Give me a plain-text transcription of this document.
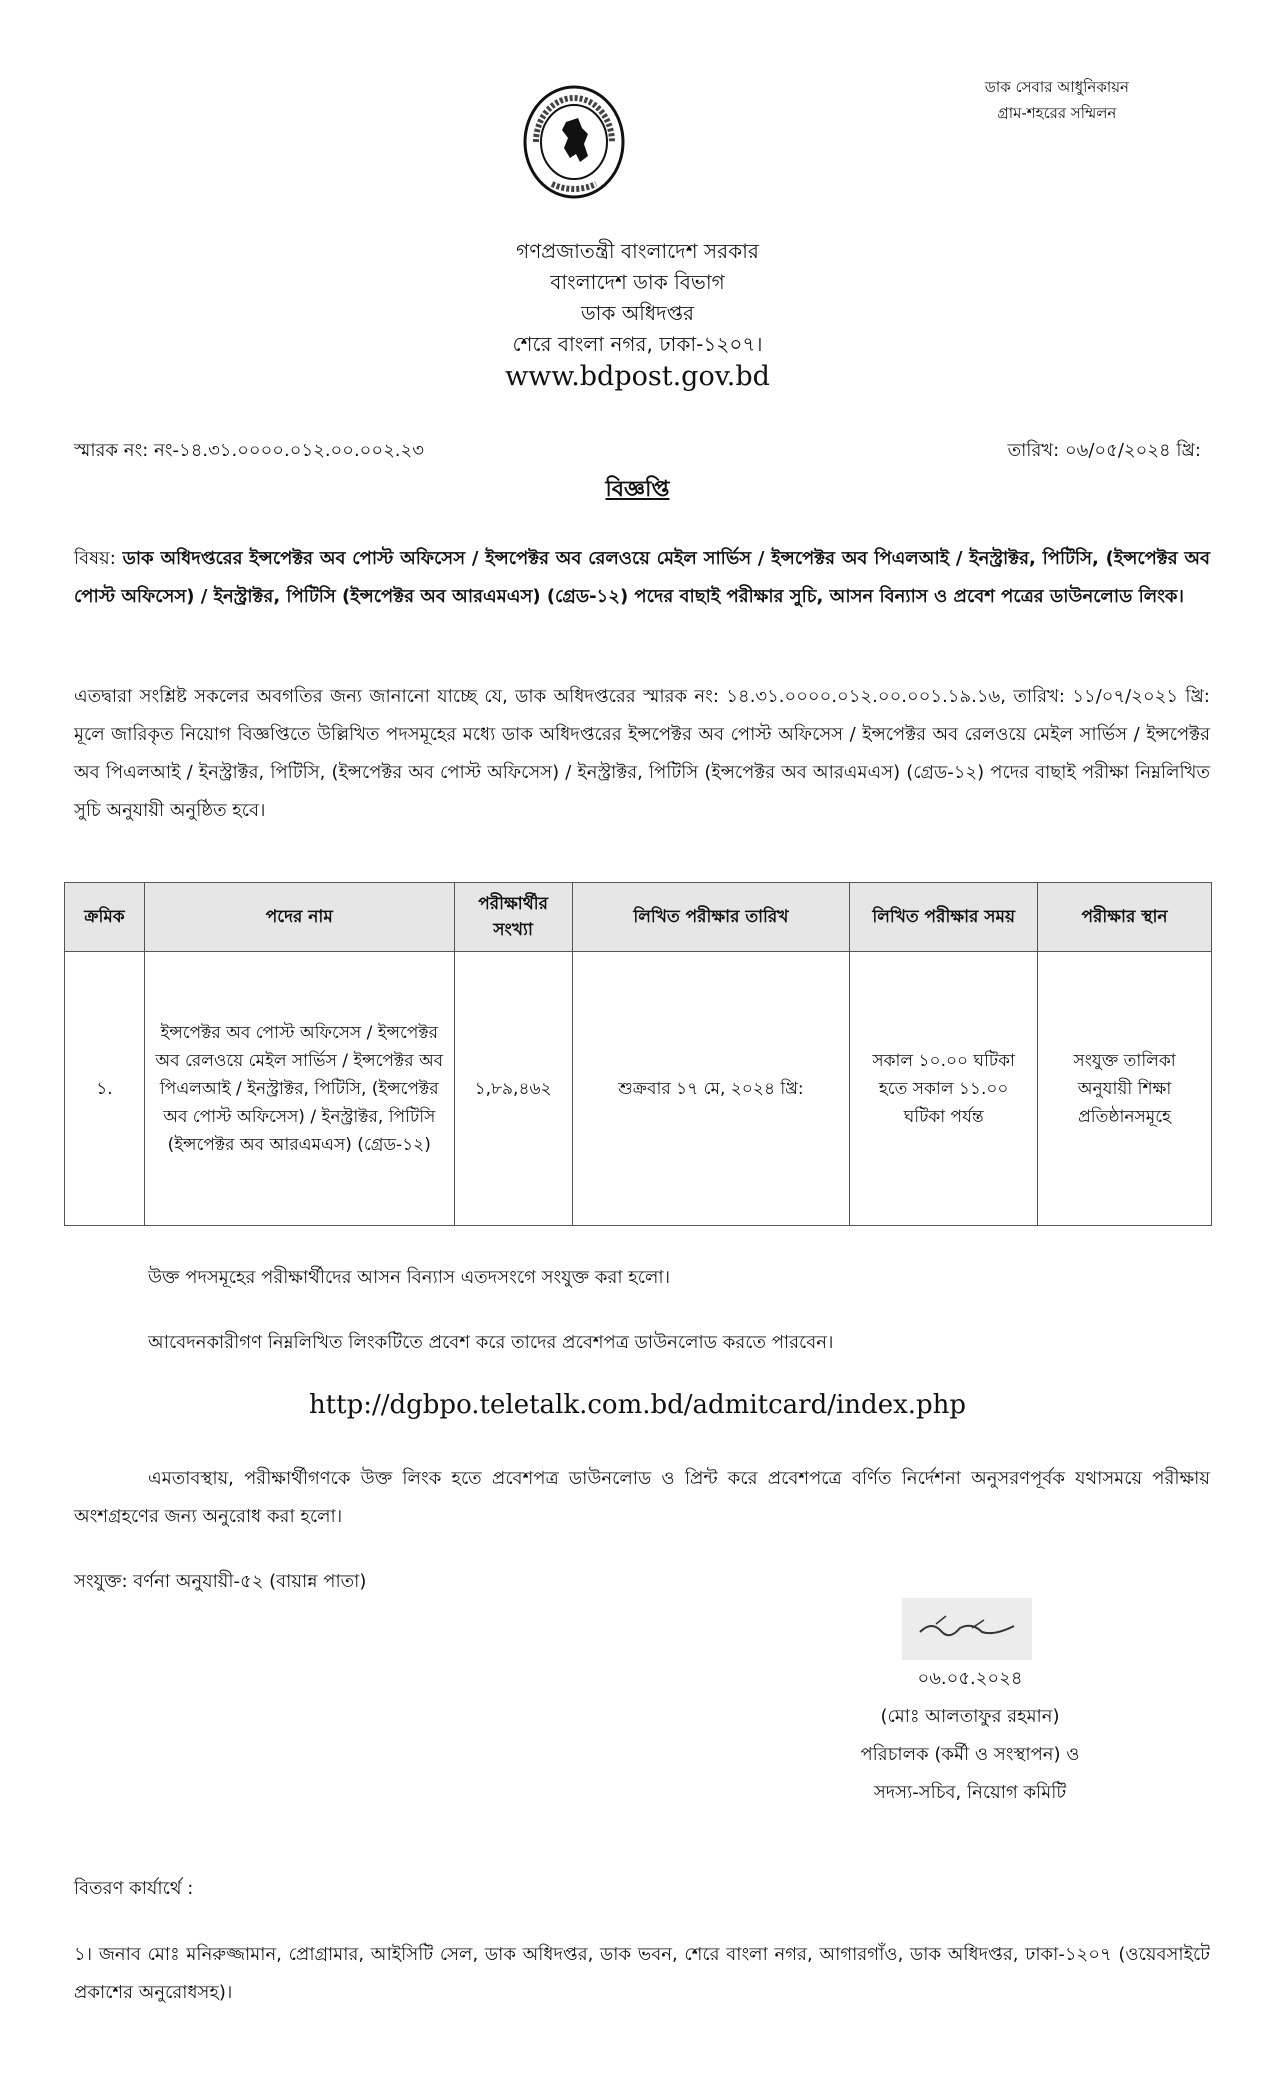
ডাক সেবার আধুনিকায়ন
গ্রাম-শহরের সম্মিলন
গণপ্রজাতন্ত্রী বাংলাদেশ সরকার
বাংলাদেশ ডাক বিভাগ
ডাক অধিদপ্তর
শেরে বাংলা নগর, ঢাকা-১২০৭।
www.bdpost.gov.bd
স্মারক নং: নং-১৪.৩১.০০০০.০১২.০০.০০২.২৩	তারিখ: ০৬/০৫/২০২৪ খ্রি:
বিজ্ঞপ্তি
বিষয়: ডাক অধিদপ্তরের ইন্সপেক্টর অব পোস্ট অফিসেস / ইন্সপেক্টর অব রেলওয়ে মেইল সার্ভিস / ইন্সপেক্টর অব পিএলআই / ইনস্ট্রাক্টর, পিটিসি, (ইন্সপেক্টর অব পোস্ট অফিসেস) / ইনস্ট্রাক্টর, পিটিসি (ইন্সপেক্টর অব আরএমএস) (গ্রেড-১২) পদের বাছাই পরীক্ষার সুচি, আসন বিন্যাস ও প্রবেশ পত্রের ডাউনলোড লিংক।
এতদ্বারা সংশ্লিষ্ট সকলের অবগতির জন্য জানানো যাচ্ছে যে, ডাক অধিদপ্তরের স্মারক নং: ১৪.৩১.০০০০.০১২.০০.০০১.১৯.১৬, তারিখ: ১১/০৭/২০২১ খ্রি: মূলে জারিকৃত নিয়োগ বিজ্ঞপ্তিতে উল্লিখিত পদসমূহের মধ্যে ডাক অধিদপ্তরের ইন্সপেক্টর অব পোস্ট অফিসেস / ইন্সপেক্টর অব রেলওয়ে মেইল সার্ভিস / ইন্সপেক্টর অব পিএলআই / ইনস্ট্রাক্টর, পিটিসি, (ইন্সপেক্টর অব পোস্ট অফিসেস) / ইনস্ট্রাক্টর, পিটিসি (ইন্সপেক্টর অব আরএমএস) (গ্রেড-১২) পদের বাছাই পরীক্ষা নিম্নলিখিত সুচি অনুযায়ী অনুষ্ঠিত হবে।
ক্রমিক	পদের নাম	পরীক্ষার্থীর সংখ্যা	লিখিত পরীক্ষার তারিখ	লিখিত পরীক্ষার সময়	পরীক্ষার স্থান
১.	ইন্সপেক্টর অব পোস্ট অফিসেস / ইন্সপেক্টর অব রেলওয়ে মেইল সার্ভিস / ইন্সপেক্টর অব পিএলআই / ইনস্ট্রাক্টর, পিটিসি, (ইন্সপেক্টর অব পোস্ট অফিসেস) / ইনস্ট্রাক্টর, পিটিসি (ইন্সপেক্টর অব আরএমএস) (গ্রেড-১২)	১,৮৯,৪৬২	শুক্রবার ১৭ মে, ২০২৪ খ্রি:	সকাল ১০.০০ ঘটিকা হতে সকাল ১১.০০ ঘটিকা পর্যন্ত	সংযুক্ত তালিকা অনুযায়ী শিক্ষা প্রতিষ্ঠানসমূহে
উক্ত পদসমূহের পরীক্ষার্থীদের আসন বিন্যাস এতদসংগে সংযুক্ত করা হলো।
আবেদনকারীগণ নিম্নলিখিত লিংকটিতে প্রবেশ করে তাদের প্রবেশপত্র ডাউনলোড করতে পারবেন।
http://dgbpo.teletalk.com.bd/admitcard/index.php
এমতাবস্থায়, পরীক্ষার্থীগণকে উক্ত লিংক হতে প্রবেশপত্র ডাউনলোড ও প্রিন্ট করে প্রবেশপত্রে বর্ণিত নির্দেশনা অনুসরণপূর্বক যথাসময়ে পরীক্ষায় অংশগ্রহণের জন্য অনুরোধ করা হলো।
সংযুক্ত: বর্ণনা অনুযায়ী-৫২ (বায়ান্ন পাতা)
০৬.০৫.২০২৪
(মোঃ আলতাফুর রহমান)
পরিচালক (কর্মী ও সংস্থাপন) ও
সদস্য-সচিব, নিয়োগ কমিটি
বিতরণ কার্যার্থে :
১। জনাব মোঃ মনিরুজ্জামান, প্রোগ্রামার, আইসিটি সেল, ডাক অধিদপ্তর, ডাক ভবন, শেরে বাংলা নগর, আগারগাঁও, ডাক অধিদপ্তর, ঢাকা-১২০৭ (ওয়েবসাইটে প্রকাশের অনুরোধসহ)।
